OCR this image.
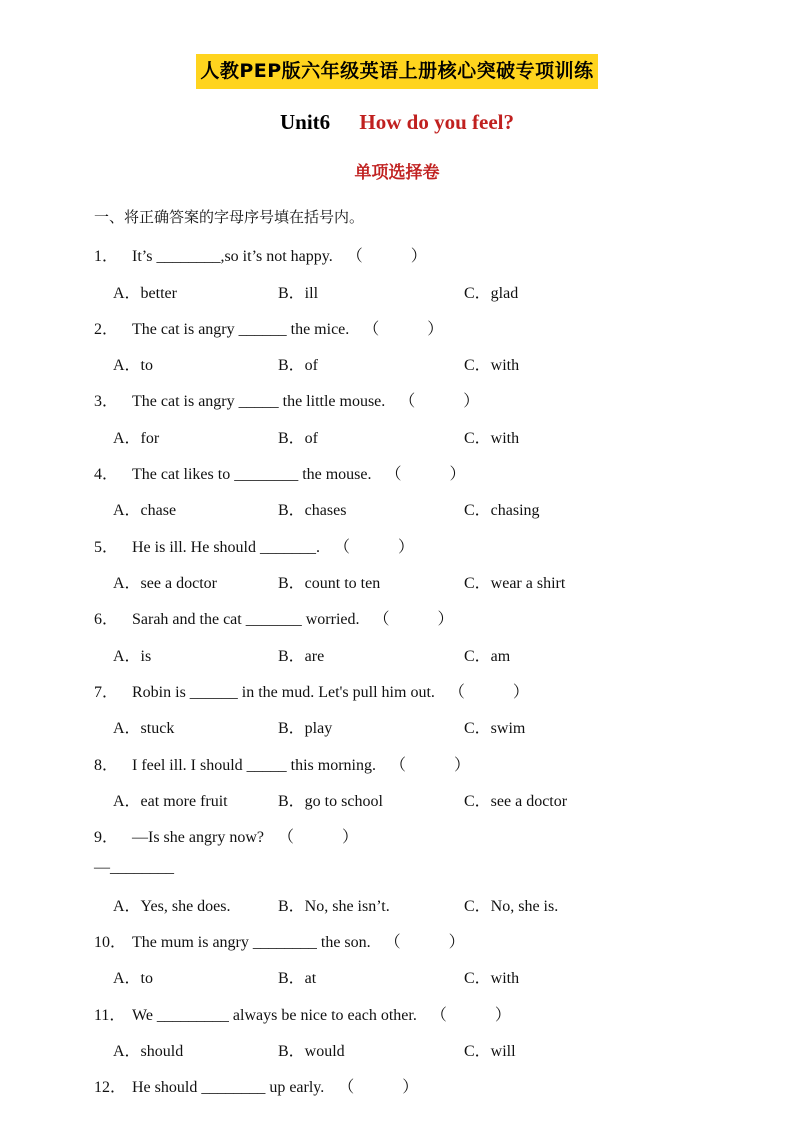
人教PEP版六年级英语上册核心突破专项训练
Unit6 How do you feel?
单项选择卷
一、将正确答案的字母序号填在括号内。
1． It’s ________,so it’s not happy. （　　　）
A．better	B．ill	C．glad
2． The cat is angry ______ the mice. （　　　）
A．to	B．of	C．with
3． The cat is angry _____ the little mouse. （　　　）
A．for	B．of	C．with
4． The cat likes to ________ the mouse. （　　　）
A．chase	B．chases	C．chasing
5． He is ill. He should _______. （　　　）
A．see a doctor	B．count to ten	C．wear a shirt
6． Sarah and the cat _______ worried. （　　　）
A．is	B．are	C．am
7． Robin is ______ in the mud. Let's pull him out. （　　　）
A．stuck	B．play	C．swim
8． I feel ill. I should _____ this morning. （　　　）
A．eat more fruit	B．go to school	C．see a doctor
9． —Is she angry now? （　　　）
—________
A．Yes, she does.	B．No, she isn’t.	C．No, she is.
10． The mum is angry ________ the son. （　　　）
A．to	B．at	C．with
11． We _________ always be nice to each other. （　　　）
A．should	B．would	C．will
12． He should ________ up early. （　　　）
